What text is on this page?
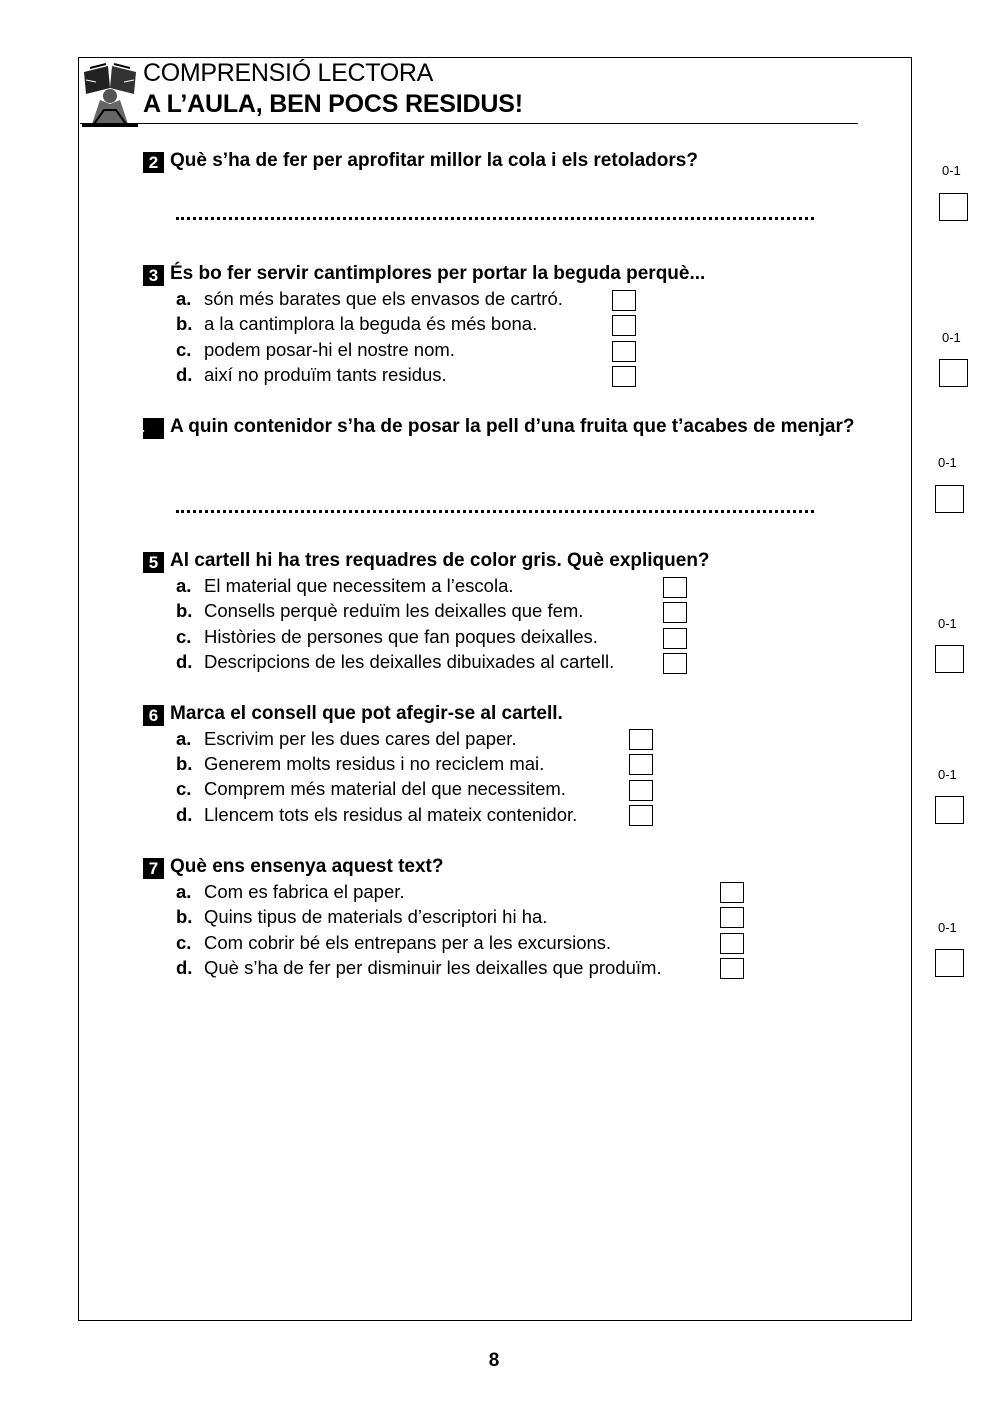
COMPRENSIÓ LECTORA
A L’AULA, BEN POCS RESIDUS!
2 Què s’ha de fer per aprofitar millor la cola i els retoladors?	0-1
3 És bo fer servir cantimplores per portar la beguda perquè...
a. són més barates que els envasos de cartró.
b. a la cantimplora la beguda és més bona.
c. podem posar-hi el nostre nom.
d. així no produïm tants residus.
0-1
4 A quin contenidor s’ha de posar la pell d’una fruita que t’acabes de menjar?
0-1
5 Al cartell hi ha tres requadres de color gris. Què expliquen?
a. El material que necessitem a l’escola.
b. Consells perquè reduïm les deixalles que fem.
c. Històries de persones que fan poques deixalles.
d. Descripcions de les deixalles dibuixades al cartell.
0-1
6 Marca el consell que pot afegir-se al cartell.
a. Escrivim per les dues cares del paper.
b. Generem molts residus i no reciclem mai.
c. Comprem més material del que necessitem.
d. Llencem tots els residus al mateix contenidor.
0-1
7 Què ens ensenya aquest text?
a. Com es fabrica el paper.
b. Quins tipus de materials d’escriptori hi ha.
c. Com cobrir bé els entrepans per a les excursions.
d. Què s’ha de fer per disminuir les deixalles que produïm.
0-1
8
